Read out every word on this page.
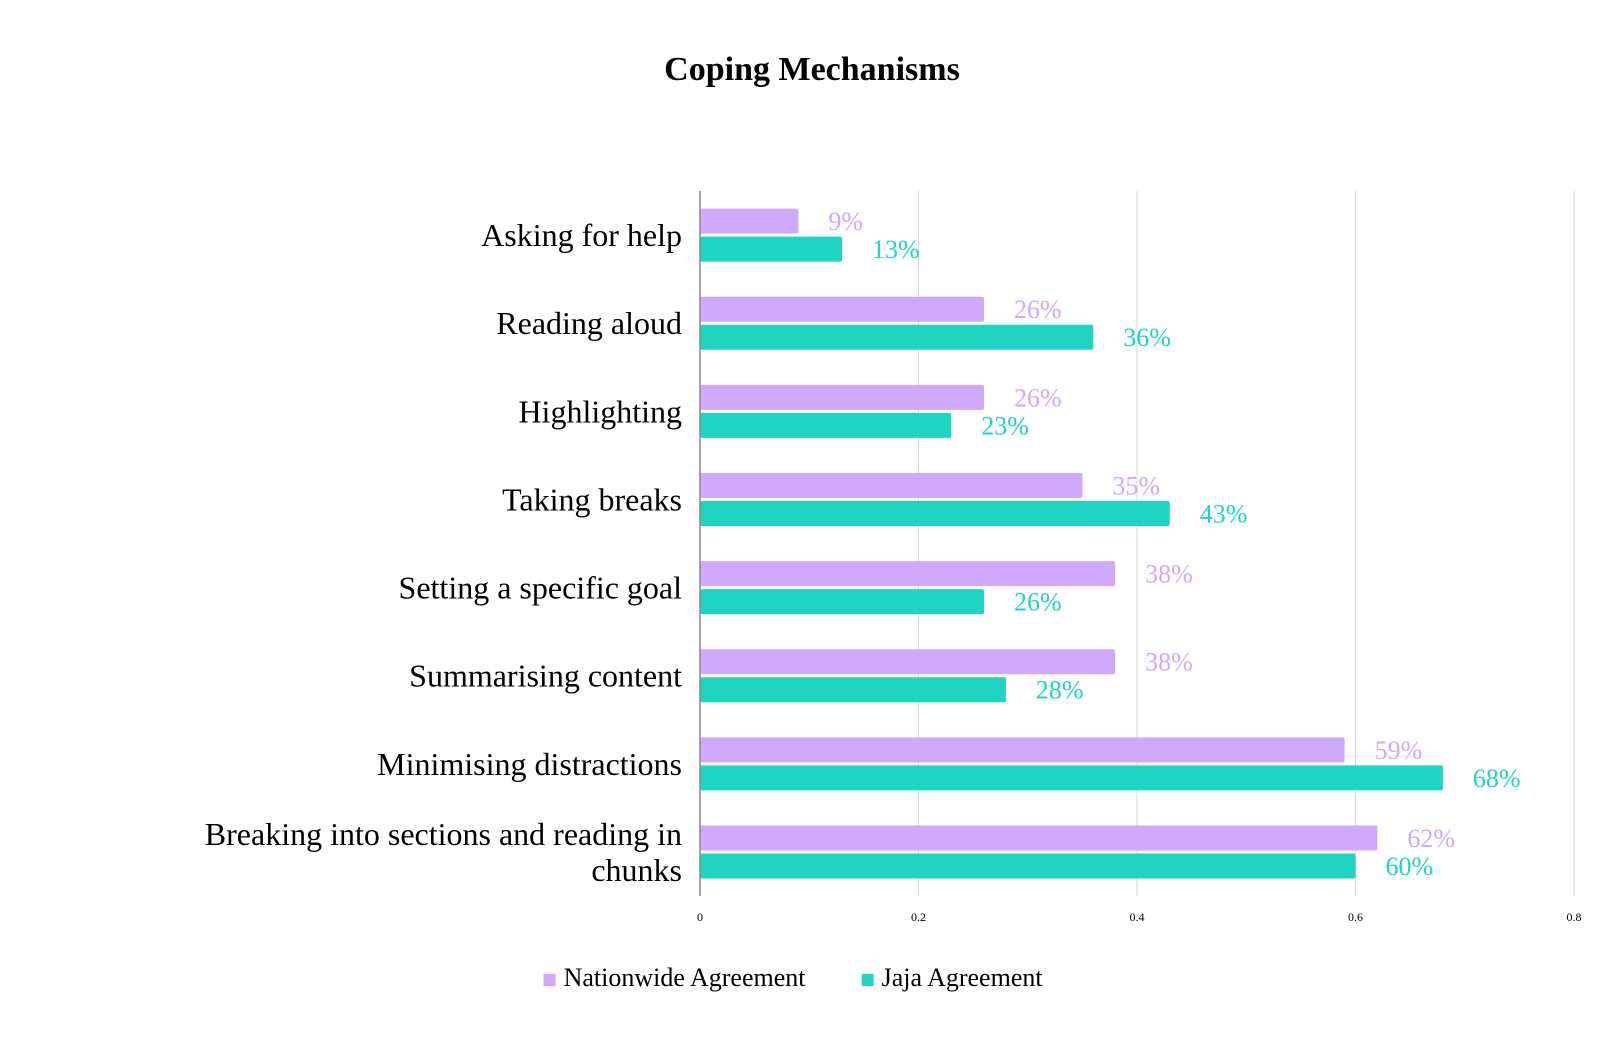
Coping Mechanisms
9%
13%
26%
36%
26%
23%
35%
43%
38%
26%
38%
28%
59%
68%
62%
60%
Asking for help
Reading aloud
Highlighting
Taking breaks
Setting a specific goal
Summarising content
Minimising distractions
Breaking into sections and reading in chunks
0	0.2	0.4	0.6	0.8
Nationwide Agreement	Jaja Agreement
